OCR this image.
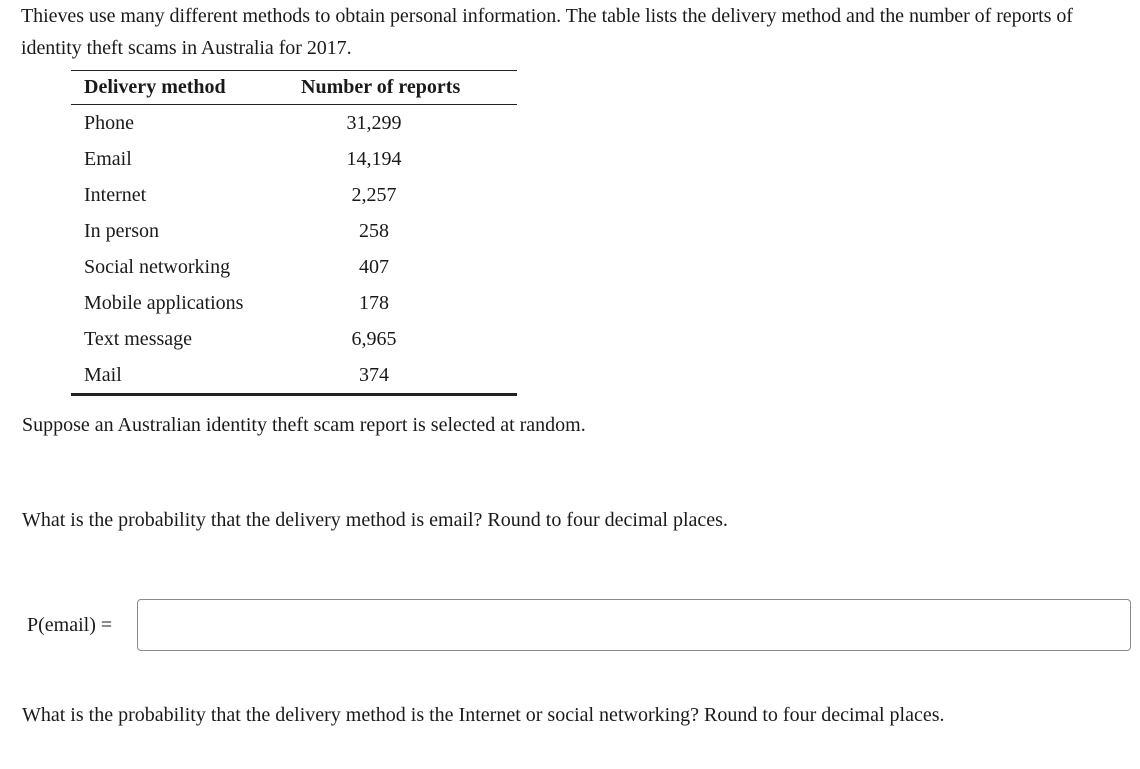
Thieves use many different methods to obtain personal information. The table lists the delivery method and the number of reports of identity theft scams in Australia for 2017.

Delivery method	Number of reports
Phone	31,299
Email	14,194
Internet	2,257
In person	258
Social networking	407
Mobile applications	178
Text message	6,965
Mail	374

Suppose an Australian identity theft scam report is selected at random.

What is the probability that the delivery method is email? Round to four decimal places.

P(email) =

What is the probability that the delivery method is the Internet or social networking? Round to four decimal places.
